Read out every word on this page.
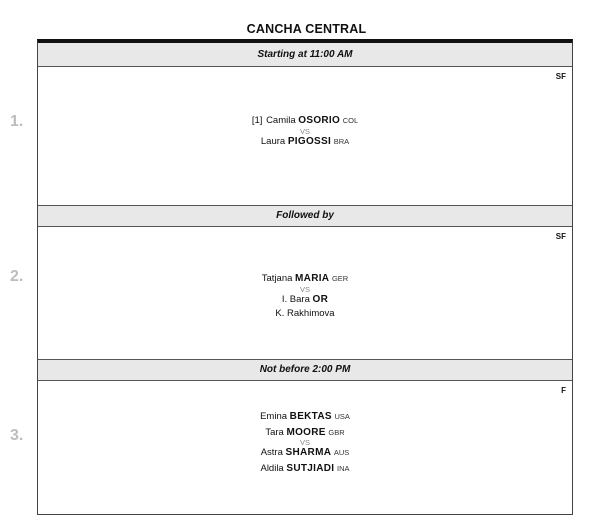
CANCHA CENTRAL
1.
2.
3.
Starting at 11:00 AM
SF
[1] Camila OSORIO COL
VS
Laura PIGOSSI BRA
Followed by
SF
Tatjana MARIA GER
VS
I. Bara OR
K. Rakhimova
Not before 2:00 PM
F
Emina BEKTAS USA
Tara MOORE GBR
VS
Astra SHARMA AUS
Aldila SUTJIADI INA
